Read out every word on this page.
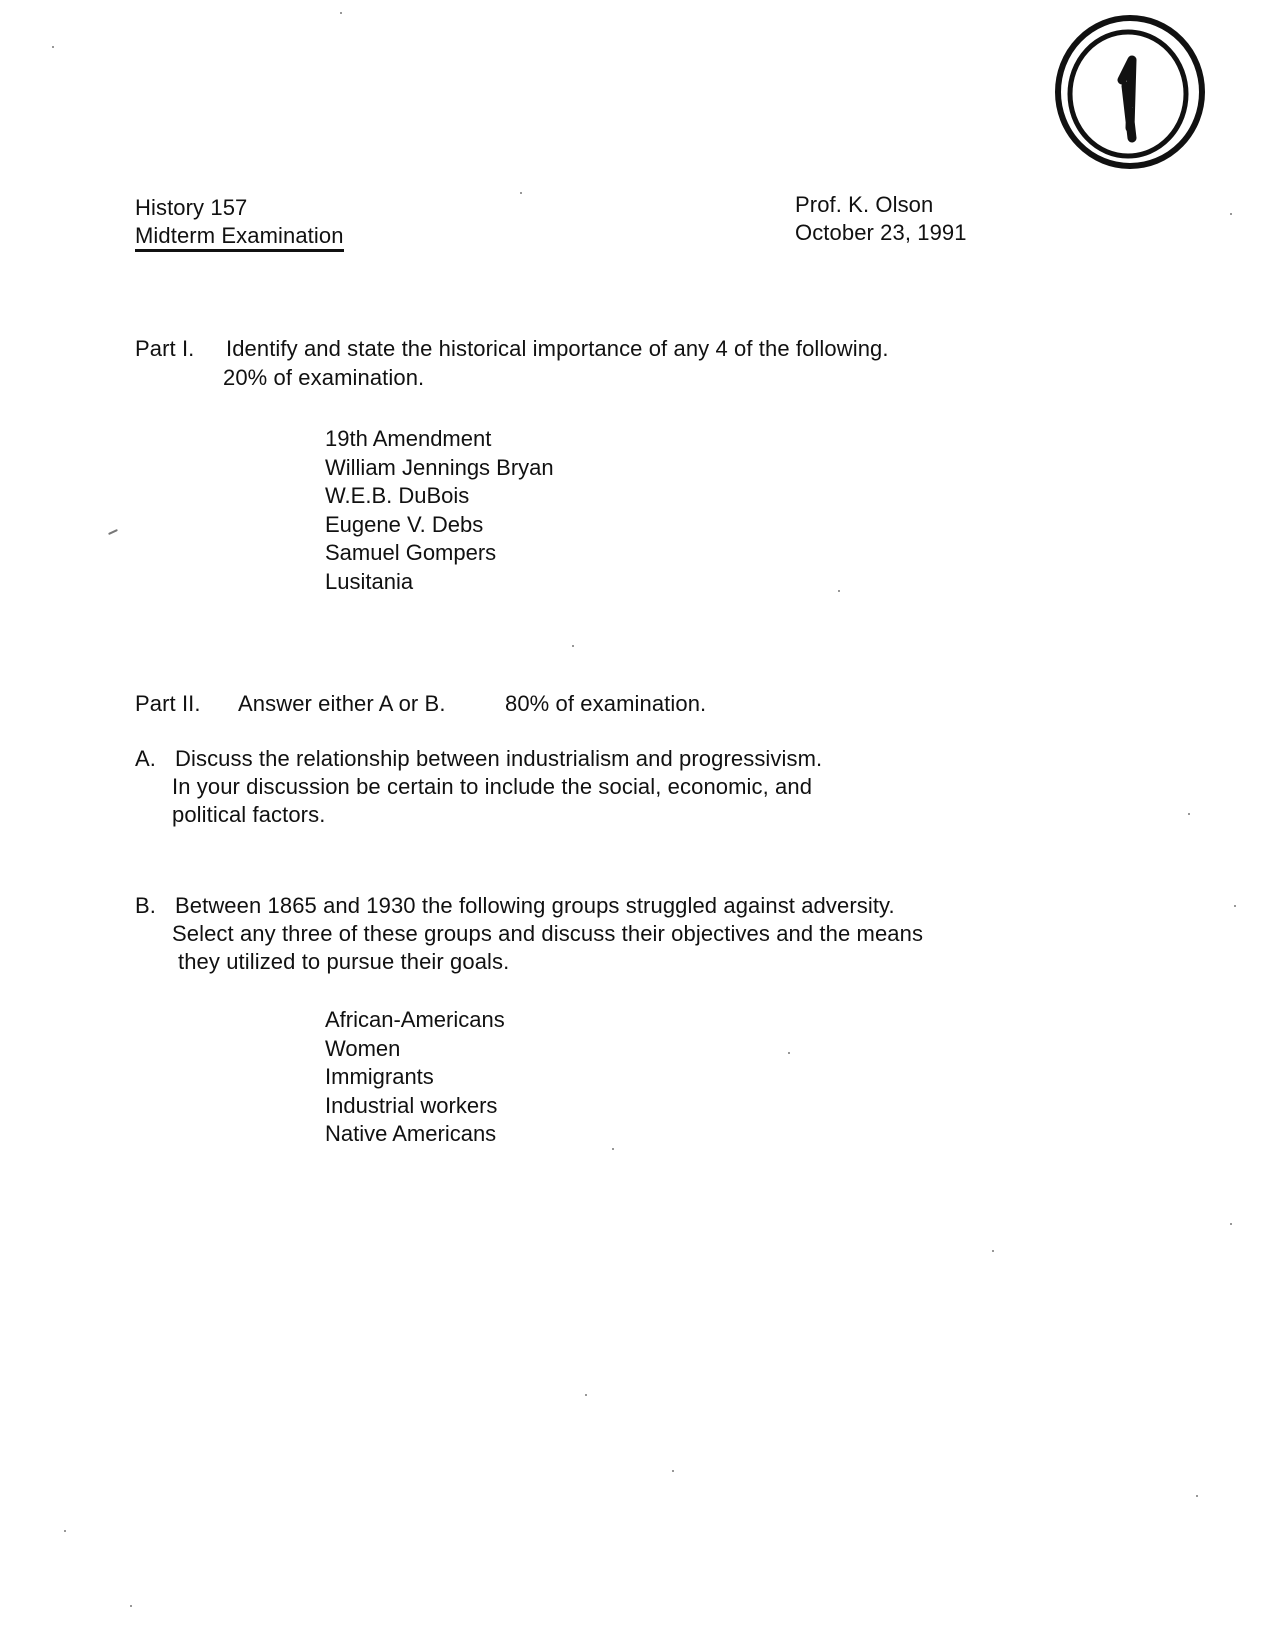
1
History 157
Midterm Examination
Prof. K. Olson
October 23, 1991
Part I. Identify and state the historical importance of any 4 of the following.
20% of examination.
19th Amendment
William Jennings Bryan
W.E.B. DuBois
Eugene V. Debs
Samuel Gompers
Lusitania
Part II. Answer either A or B.	80% of examination.
A. Discuss the relationship between industrialism and progressivism.
In your discussion be certain to include the social, economic, and
political factors.
B. Between 1865 and 1930 the following groups struggled against adversity.
Select any three of these groups and discuss their objectives and the means
they utilized to pursue their goals.
African-Americans
Women
Immigrants
Industrial workers
Native Americans
